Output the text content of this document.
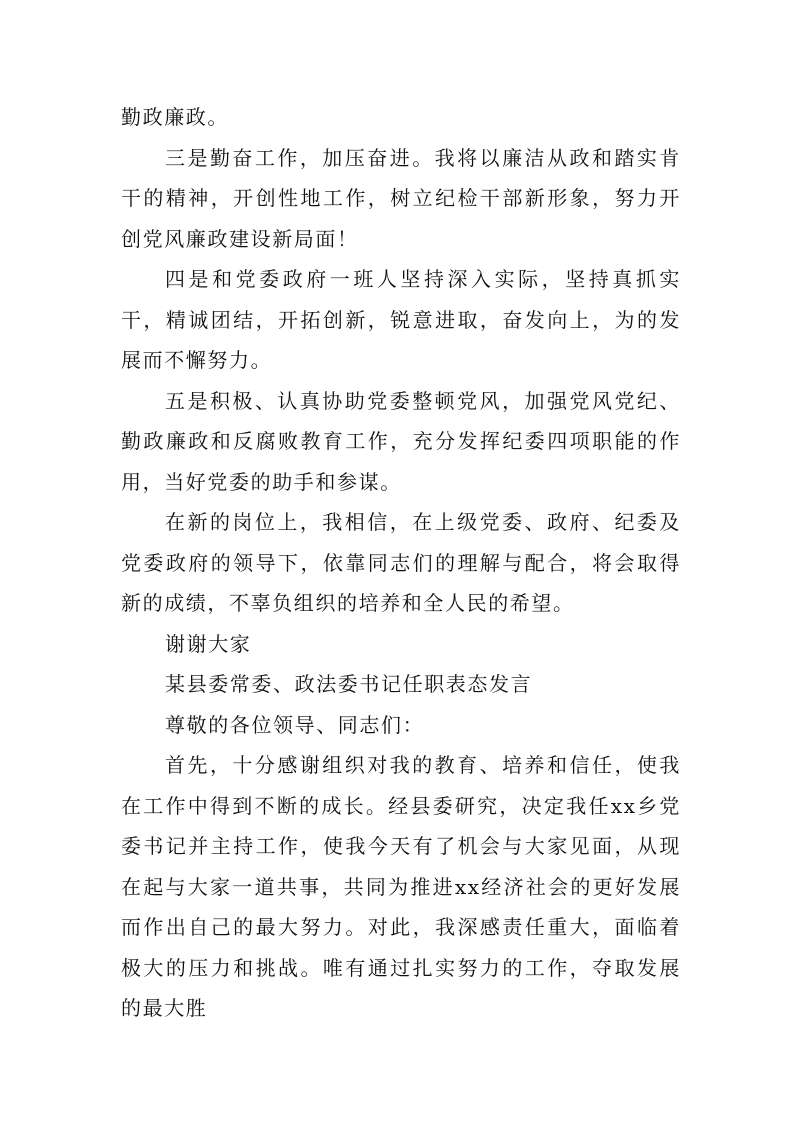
勤政廉政。

三是勤奋工作，加压奋进。我将以廉洁从政和踏实肯干的精神，开创性地工作，树立纪检干部新形象，努力开创党风廉政建设新局面！

四是和党委政府一班人坚持深入实际，坚持真抓实干，精诚团结，开拓创新，锐意进取，奋发向上，为的发展而不懈努力。

五是积极、认真协助党委整顿党风，加强党风党纪、勤政廉政和反腐败教育工作，充分发挥纪委四项职能的作用，当好党委的助手和参谋。

在新的岗位上，我相信，在上级党委、政府、纪委及党委政府的领导下，依靠同志们的理解与配合，将会取得新的成绩，不辜负组织的培养和全人民的希望。

谢谢大家

某县委常委、政法委书记任职表态发言

尊敬的各位领导、同志们：

首先，十分感谢组织对我的教育、培养和信任，使我在工作中得到不断的成长。经县委研究，决定我任xx乡党委书记并主持工作，使我今天有了机会与大家见面，从现在起与大家一道共事，共同为推进xx经济社会的更好发展而作出自己的最大努力。对此，我深感责任重大，面临着极大的压力和挑战。唯有通过扎实努力的工作，夺取发展的最大胜
